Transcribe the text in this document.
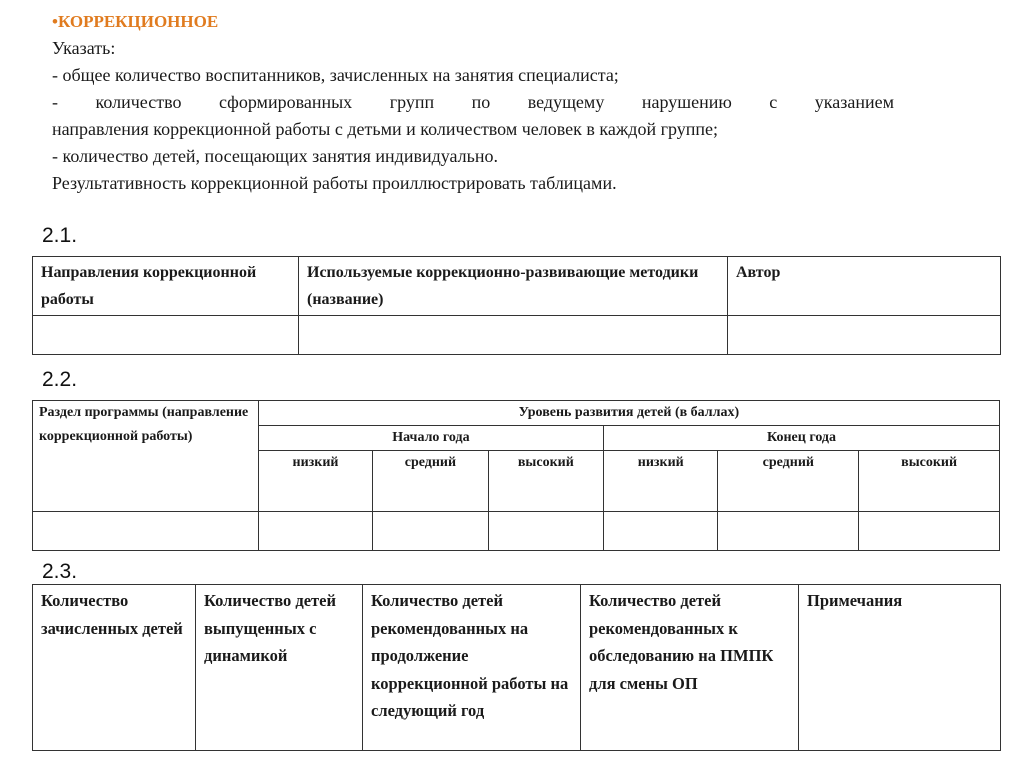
•КОРРЕКЦИОННОЕ
Указать:
- общее количество воспитанников, зачисленных на занятия специалиста;
- количество сформированных групп по ведущему нарушению с указанием
направления коррекционной работы с детьми и количеством человек в каждой группе;
- количество детей, посещающих занятия индивидуально.
Результативность коррекционной работы проиллюстрировать таблицами.
2.1.
Направления коррекционной работы	Используемые коррекционно-развивающие методики (название)	Автор

2.2.
Раздел программы (направление коррекционной работы)	Уровень развития детей (в баллах)					
	Начало года			Конец года		
	низкий	средний	высокий	низкий	средний	высокий

2.3.
Количество зачисленных детей	Количество детей выпущенных с динамикой	Количество детей рекомендованных на продолжение коррекционной работы на следующий год	Количество детей рекомендованных к обследованию на ПМПК для смены ОП	Примечания
